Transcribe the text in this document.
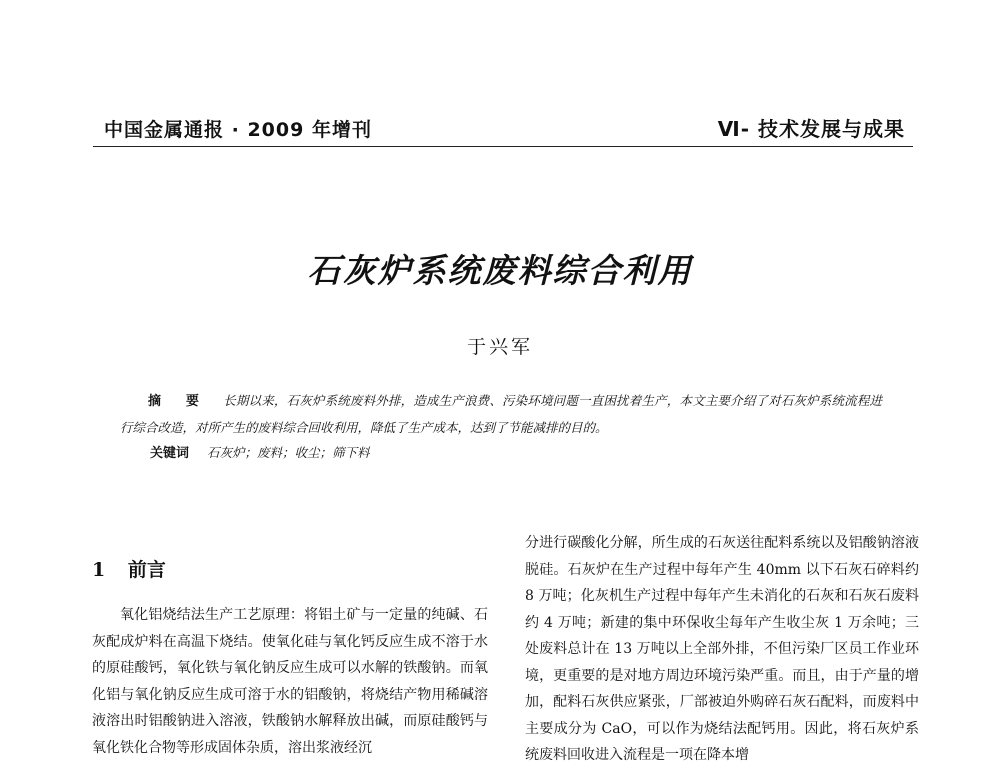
中国金属通报 · 2009 年增刊	Ⅵ- 技术发展与成果
石灰炉系统废料综合利用
于兴军
摘 要 长期以来，石灰炉系统废料外排，造成生产浪费、污染环境问题一直困扰着生产，本文主要介绍了对石灰炉系统流程进行综合改造，对所产生的废料综合回收利用，降低了生产成本，达到了节能减排的目的。
关键词 石灰炉；废料；收尘；筛下料
1 前言
氧化铝烧结法生产工艺原理：将铝土矿与一定量的纯碱、石灰配成炉料在高温下烧结。使氧化硅与氧化钙反应生成不溶于水的原硅酸钙，氧化铁与氧化钠反应生成可以水解的铁酸钠。而氧化铝与氧化钠反应生成可溶于水的铝酸钠，将烧结产物用稀碱溶液溶出时铝酸钠进入溶液，铁酸钠水解释放出碱，而原硅酸钙与氧化铁化合物等形成固体杂质，溶出浆液经沉
分进行碳酸化分解，所生成的石灰送往配料系统以及铝酸钠溶液脱硅。石灰炉在生产过程中每年产生 40mm 以下石灰石碎料约 8 万吨；化灰机生产过程中每年产生未消化的石灰和石灰石废料约 4 万吨；新建的集中环保收尘每年产生收尘灰 1 万余吨；三处废料总计在 13 万吨以上全部外排，不但污染厂区员工作业环境，更重要的是对地方周边环境污染严重。而且，由于产量的增加，配料石灰供应紧张，厂部被迫外购碎石灰石配料，而废料中主要成分为 CaO，可以作为烧结法配钙用。因此，将石灰炉系统废料回收进入流程是一项在降本增
